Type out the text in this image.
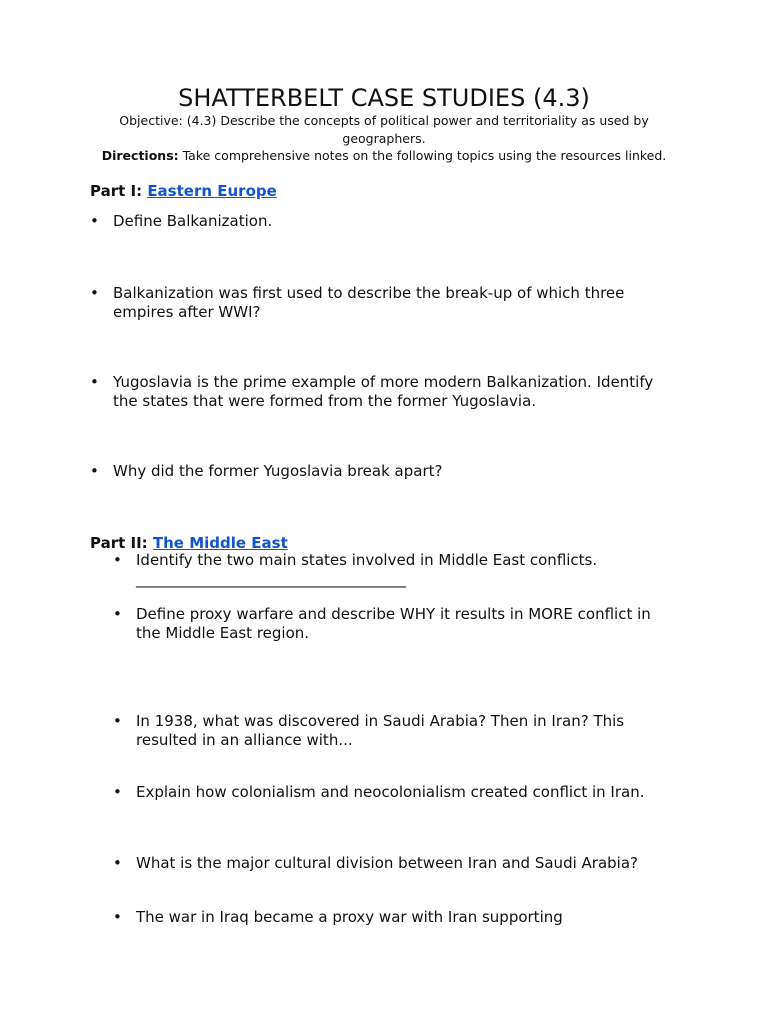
SHATTERBELT CASE STUDIES (4.3)

Objective: (4.3) Describe the concepts of political power and territoriality as used by geographers.

Directions: Take comprehensive notes on the following topics using the resources linked.

Part I: Eastern Europe

• Define Balkanization.

• Balkanization was first used to describe the break-up of which three empires after WWI?

• Yugoslavia is the prime example of more modern Balkanization. Identify the states that were formed from the former Yugoslavia.

• Why did the former Yugoslavia break apart?

Part II: The Middle East

• Identify the two main states involved in Middle East conflicts. ____________________________________

• Define proxy warfare and describe WHY it results in MORE conflict in the Middle East region.

• In 1938, what was discovered in Saudi Arabia? Then in Iran? This resulted in an alliance with...

• Explain how colonialism and neocolonialism created conflict in Iran.

• What is the major cultural division between Iran and Saudi Arabia?

• The war in Iraq became a proxy war with Iran supporting
